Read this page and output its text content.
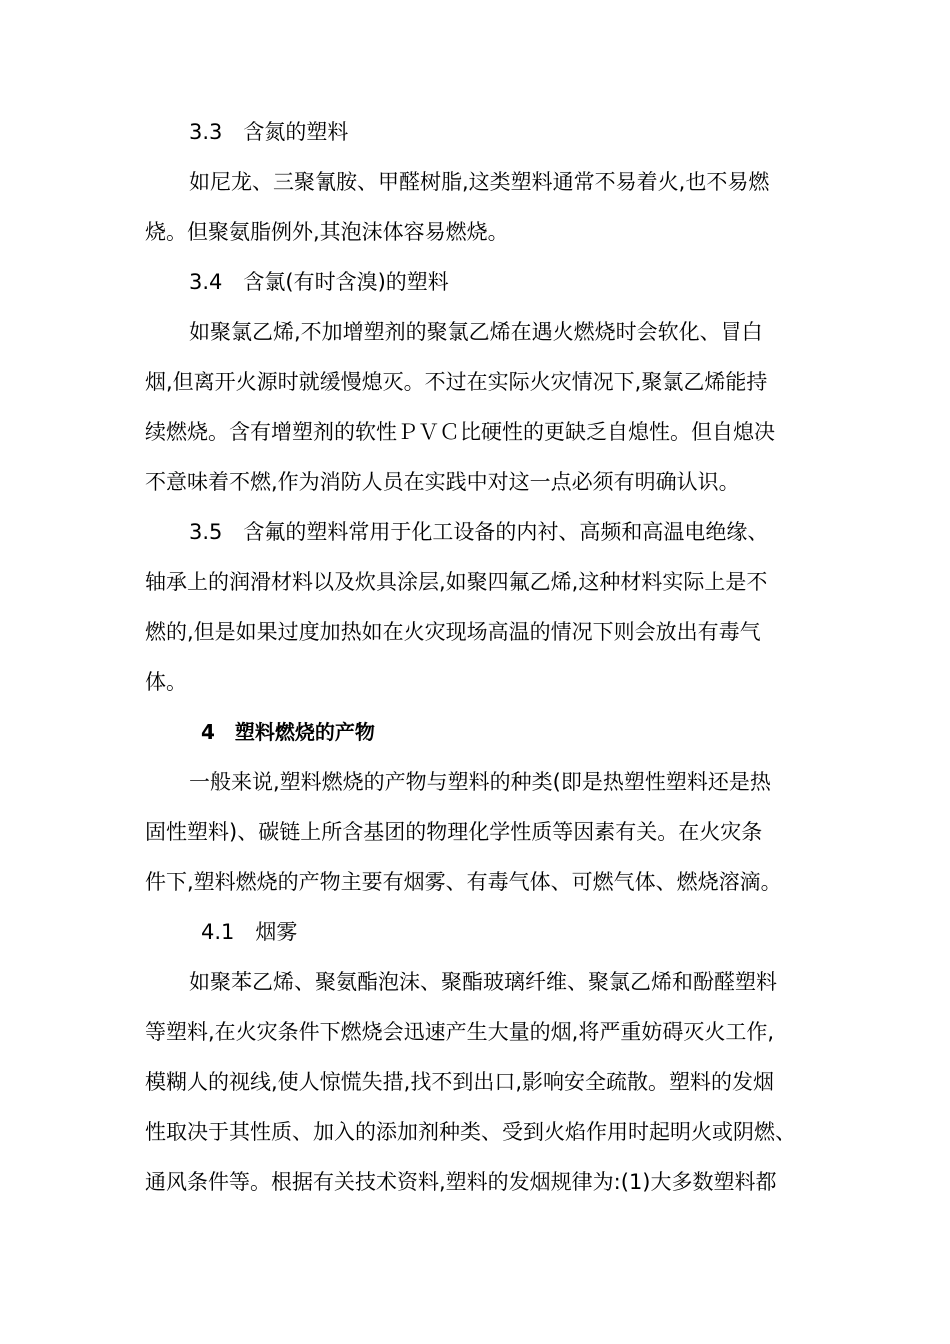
3.3　含氮的塑料
如尼龙、三聚氰胺、甲醛树脂,这类塑料通常不易着火,也不易燃
烧。但聚氨脂例外,其泡沫体容易燃烧。
3.4　含氯(有时含溴)的塑料
如聚氯乙烯,不加增塑剂的聚氯乙烯在遇火燃烧时会软化、冒白
烟,但离开火源时就缓慢熄灭。不过在实际火灾情况下,聚氯乙烯能持
续燃烧。含有增塑剂的软性ＰＶＣ比硬性的更缺乏自熄性。但自熄决
不意味着不燃,作为消防人员在实践中对这一点必须有明确认识。
3.5　含氟的塑料常用于化工设备的内衬、高频和高温电绝缘、
轴承上的润滑材料以及炊具涂层,如聚四氟乙烯,这种材料实际上是不
燃的,但是如果过度加热如在火灾现场高温的情况下则会放出有毒气
体。
4　塑料燃烧的产物
一般来说,塑料燃烧的产物与塑料的种类(即是热塑性塑料还是热
固性塑料)、碳链上所含基团的物理化学性质等因素有关。在火灾条
件下,塑料燃烧的产物主要有烟雾、有毒气体、可燃气体、燃烧溶滴。
4.1　烟雾
如聚苯乙烯、聚氨酯泡沫、聚酯玻璃纤维、聚氯乙烯和酚醛塑料
等塑料,在火灾条件下燃烧会迅速产生大量的烟,将严重妨碍灭火工作,
模糊人的视线,使人惊慌失措,找不到出口,影响安全疏散。塑料的发烟
性取决于其性质、加入的添加剂种类、受到火焰作用时起明火或阴燃、
通风条件等。根据有关技术资料,塑料的发烟规律为:(1)大多数塑料都
